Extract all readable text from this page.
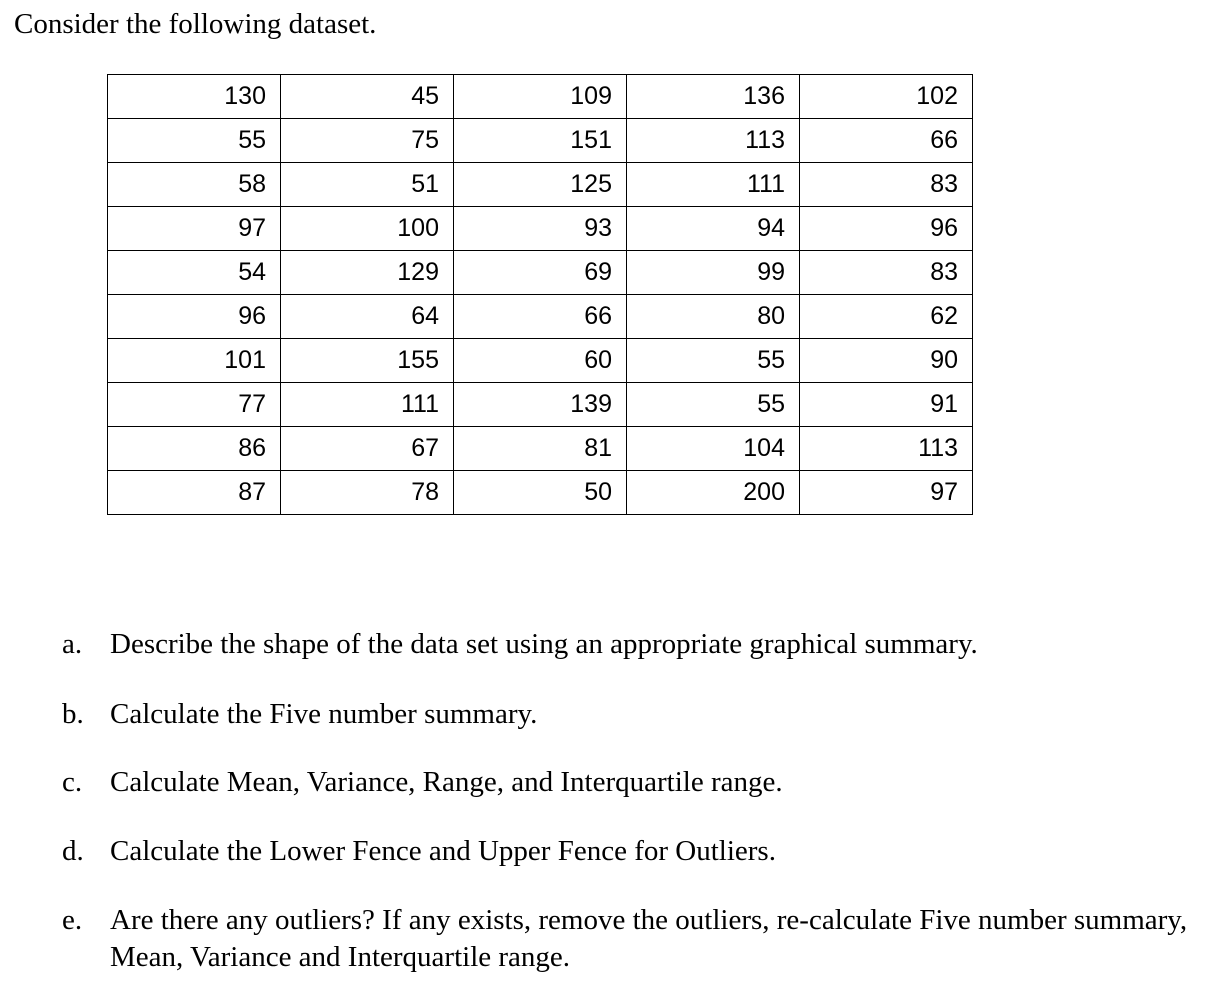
Consider the following dataset.

130	45	109	136	102
55	75	151	113	66
58	51	125	111	83
97	100	93	94	96
54	129	69	99	83
96	64	66	80	62
101	155	60	55	90
77	111	139	55	91
86	67	81	104	113
87	78	50	200	97
a. Describe the shape of the data set using an appropriate graphical summary.
b. Calculate the Five number summary.
c. Calculate Mean, Variance, Range, and Interquartile range.
d. Calculate the Lower Fence and Upper Fence for Outliers.
e. Are there any outliers? If any exists, remove the outliers, re-calculate Five number summary, Mean, Variance and Interquartile range.
